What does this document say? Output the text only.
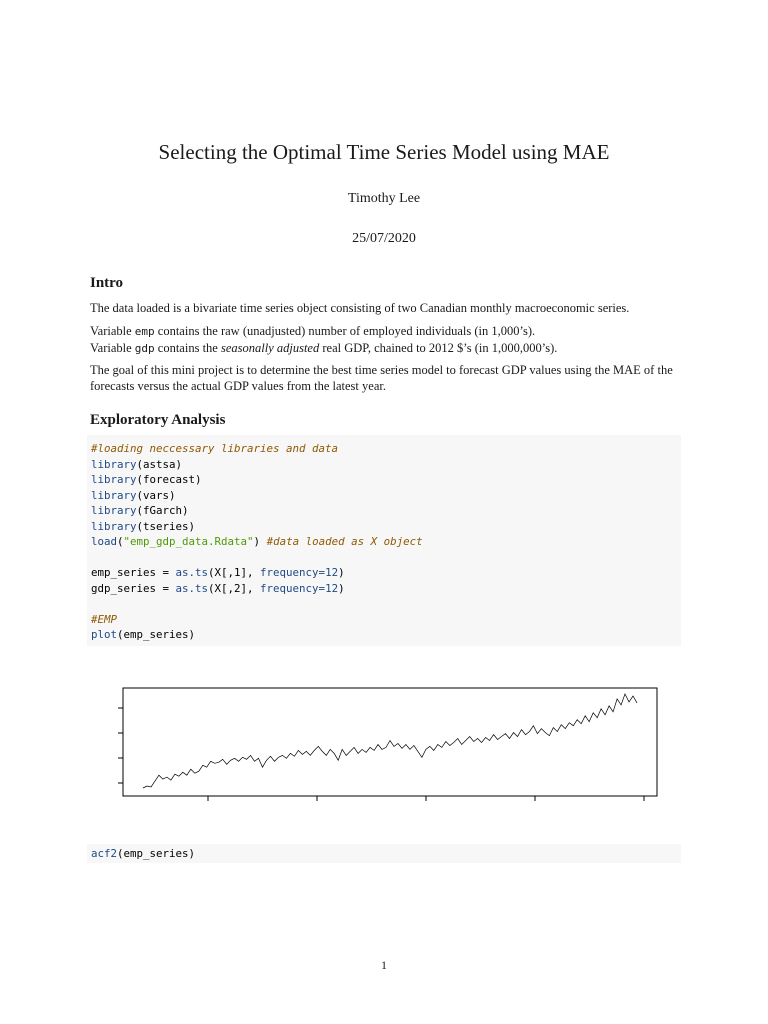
Selecting the Optimal Time Series Model using MAE
Timothy Lee
25/07/2020
Intro

The data loaded is a bivariate time series object consisting of two Canadian monthly macroeconomic series.

Variable emp contains the raw (unadjusted) number of employed individuals (in 1,000’s).
Variable gdp contains the seasonally adjusted real GDP, chained to 2012 $’s (in 1,000,000’s).

The goal of this mini project is to determine the best time series model to forecast GDP values using the MAE of the forecasts versus the actual GDP values from the latest year.

Exploratory Analysis
#loading neccessary libraries and data
library(astsa)
library(forecast)
library(vars)
library(fGarch)
library(tseries)
load("emp_gdp_data.Rdata") #data loaded as X object

emp_series = as.ts(X[,1], frequency=12)
gdp_series = as.ts(X[,2], frequency=12)

#EMP
plot(emp_series)
acf2(emp_series)
1
